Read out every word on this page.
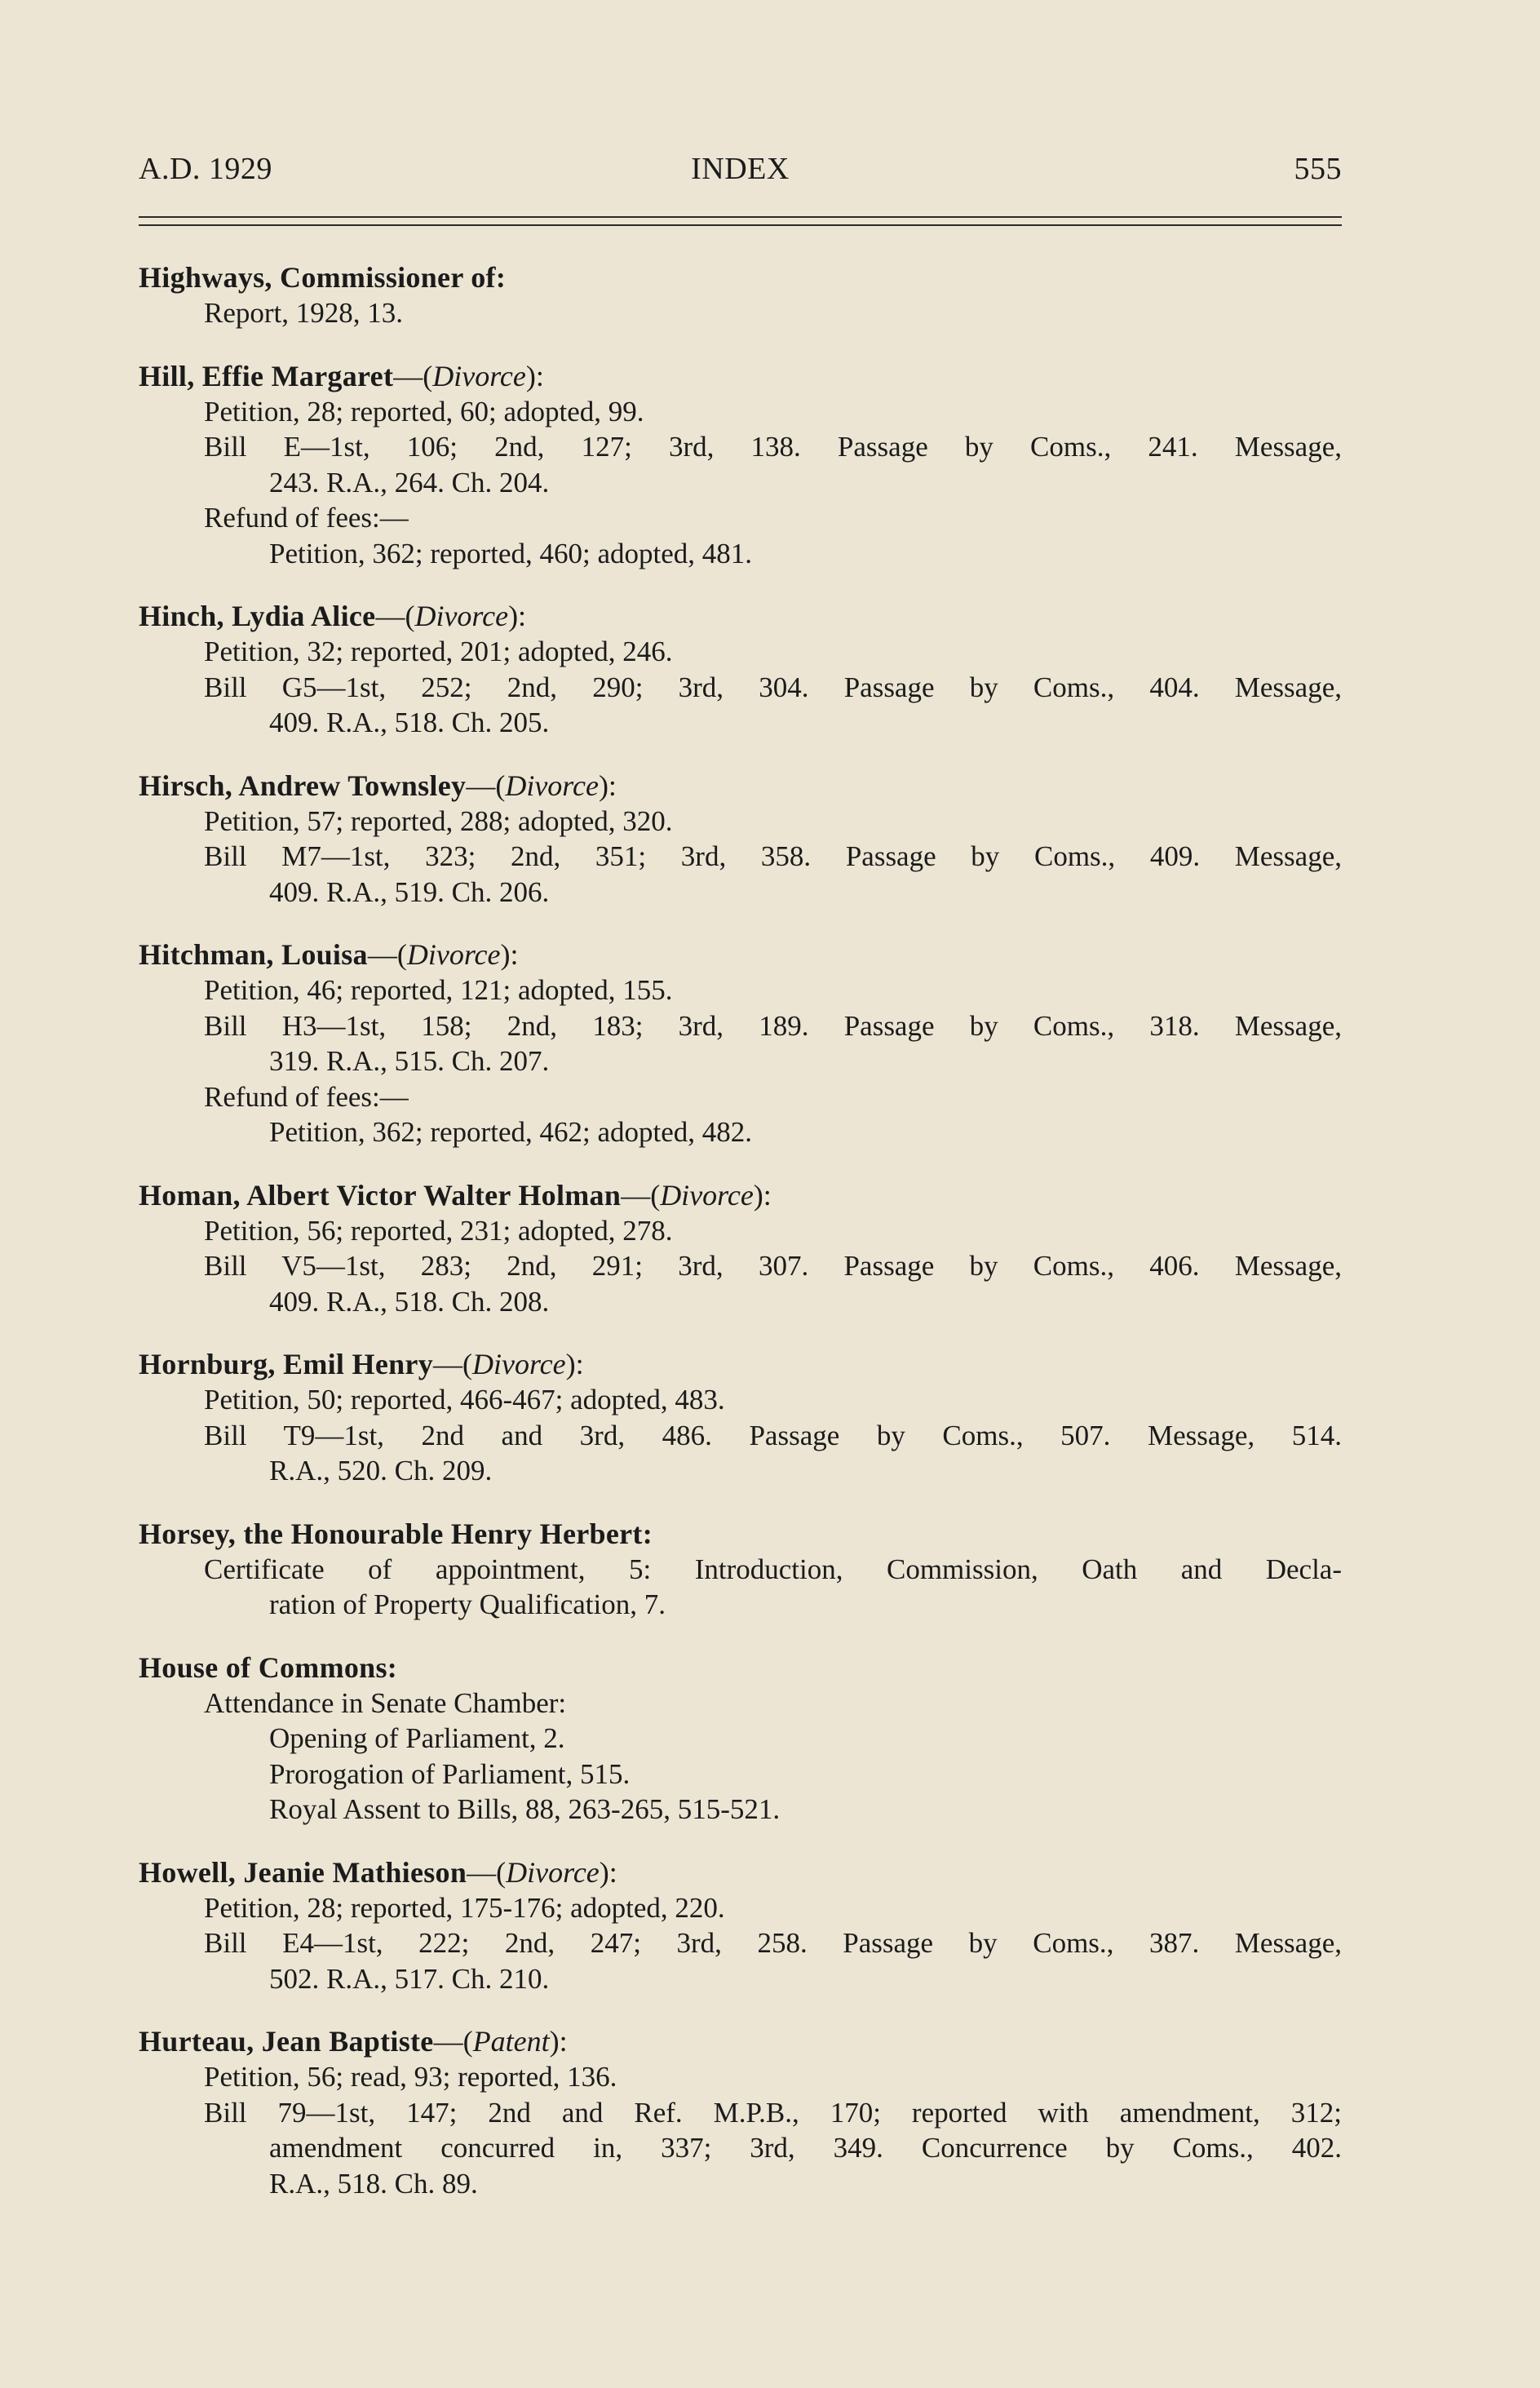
A.D. 1929	INDEX	555
Highways, Commissioner of:
Report, 1928, 13.
Hill, Effie Margaret—(Divorce):
Petition, 28; reported, 60; adopted, 99.
Bill E—1st, 106; 2nd, 127; 3rd, 138. Passage by Coms., 241. Message,
243. R.A., 264. Ch. 204.
Refund of fees:—
Petition, 362; reported, 460; adopted, 481.
Hinch, Lydia Alice—(Divorce):
Petition, 32; reported, 201; adopted, 246.
Bill G5—1st, 252; 2nd, 290; 3rd, 304. Passage by Coms., 404. Message,
409. R.A., 518. Ch. 205.
Hirsch, Andrew Townsley—(Divorce):
Petition, 57; reported, 288; adopted, 320.
Bill M7—1st, 323; 2nd, 351; 3rd, 358. Passage by Coms., 409. Message,
409. R.A., 519. Ch. 206.
Hitchman, Louisa—(Divorce):
Petition, 46; reported, 121; adopted, 155.
Bill H3—1st, 158; 2nd, 183; 3rd, 189. Passage by Coms., 318. Message,
319. R.A., 515. Ch. 207.
Refund of fees:—
Petition, 362; reported, 462; adopted, 482.
Homan, Albert Victor Walter Holman—(Divorce):
Petition, 56; reported, 231; adopted, 278.
Bill V5—1st, 283; 2nd, 291; 3rd, 307. Passage by Coms., 406. Message,
409. R.A., 518. Ch. 208.
Hornburg, Emil Henry—(Divorce):
Petition, 50; reported, 466-467; adopted, 483.
Bill T9—1st, 2nd and 3rd, 486. Passage by Coms., 507. Message, 514.
R.A., 520. Ch. 209.
Horsey, the Honourable Henry Herbert:
Certificate of appointment, 5: Introduction, Commission, Oath and Decla-
ration of Property Qualification, 7.
House of Commons:
Attendance in Senate Chamber:
Opening of Parliament, 2.
Prorogation of Parliament, 515.
Royal Assent to Bills, 88, 263-265, 515-521.
Howell, Jeanie Mathieson—(Divorce):
Petition, 28; reported, 175-176; adopted, 220.
Bill E4—1st, 222; 2nd, 247; 3rd, 258. Passage by Coms., 387. Message,
502. R.A., 517. Ch. 210.
Hurteau, Jean Baptiste—(Patent):
Petition, 56; read, 93; reported, 136.
Bill 79—1st, 147; 2nd and Ref. M.P.B., 170; reported with amendment, 312;
amendment concurred in, 337; 3rd, 349. Concurrence by Coms., 402.
R.A., 518. Ch. 89.
